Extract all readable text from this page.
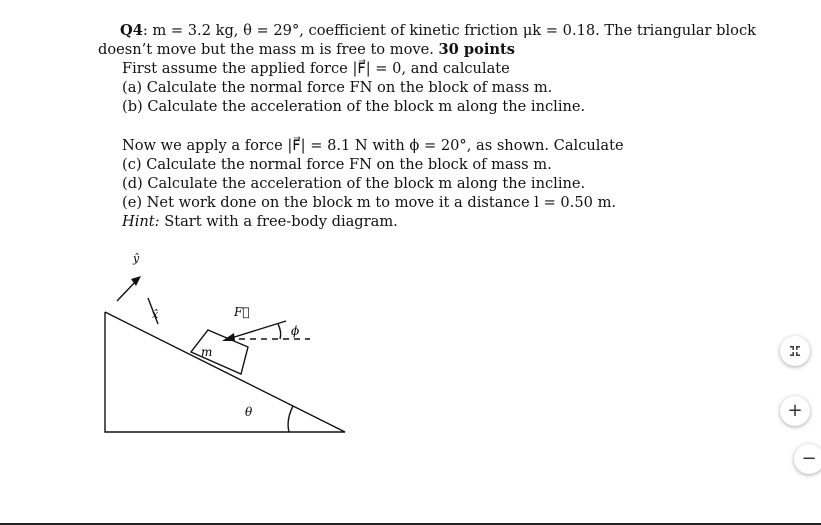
Q4: m = 3.2 kg, θ = 29°, coefficient of kinetic friction μk = 0.18. The triangular block
doesn’t move but the mass m is free to move. 30 points
First assume the applied force |F⃗| = 0, and calculate
(a) Calculate the normal force FN on the block of mass m.
(b) Calculate the acceleration of the block m along the incline.
Now we apply a force |F⃗| = 8.1 N with ϕ = 20°, as shown. Calculate
(c) Calculate the normal force FN on the block of mass m.
(d) Calculate the acceleration of the block m along the incline.
(e) Net work done on the block m to move it a distance l = 0.50 m.
Hint: Start with a free-body diagram.
ŷ
x̂	F⃗
m
ϕ
θ	+
−
